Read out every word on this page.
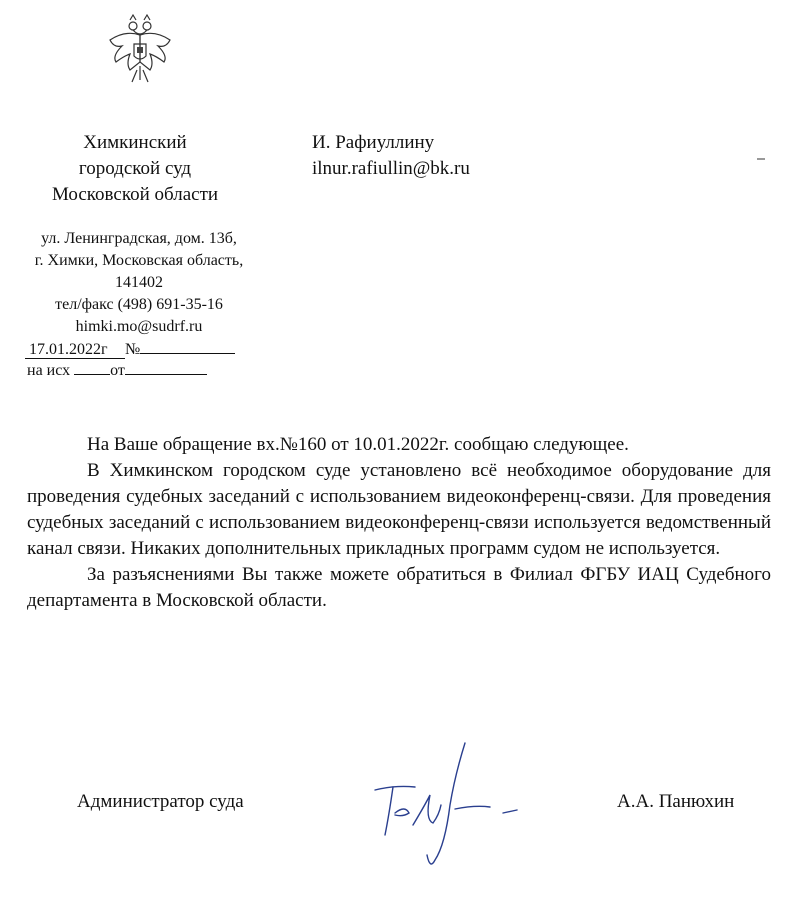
Химкинский
городской суд
Московской области
ул. Ленинградская, дом. 13б,
г. Химки, Московская область,
141402
тел/факс (498) 691-35-16
himki.mo@sudrf.ru
17.01.2022г №
на исх	от
И. Рафиуллину
ilnur.rafiullin@bk.ru

На Ваше обращение вх.№160 от 10.01.2022г. сообщаю следующее.

В Химкинском городском суде установлено всё необходимое оборудование для проведения судебных заседаний с использованием видеоконференц-связи. Для проведения судебных заседаний с использованием видеоконференц-связи используется ведомственный канал связи. Никаких дополнительных прикладных программ судом не используется.

За разъяснениями Вы также можете обратиться в Филиал ФГБУ ИАЦ Судебного департамента в Московской области.

Администратор суда	А.А. Панюхин
